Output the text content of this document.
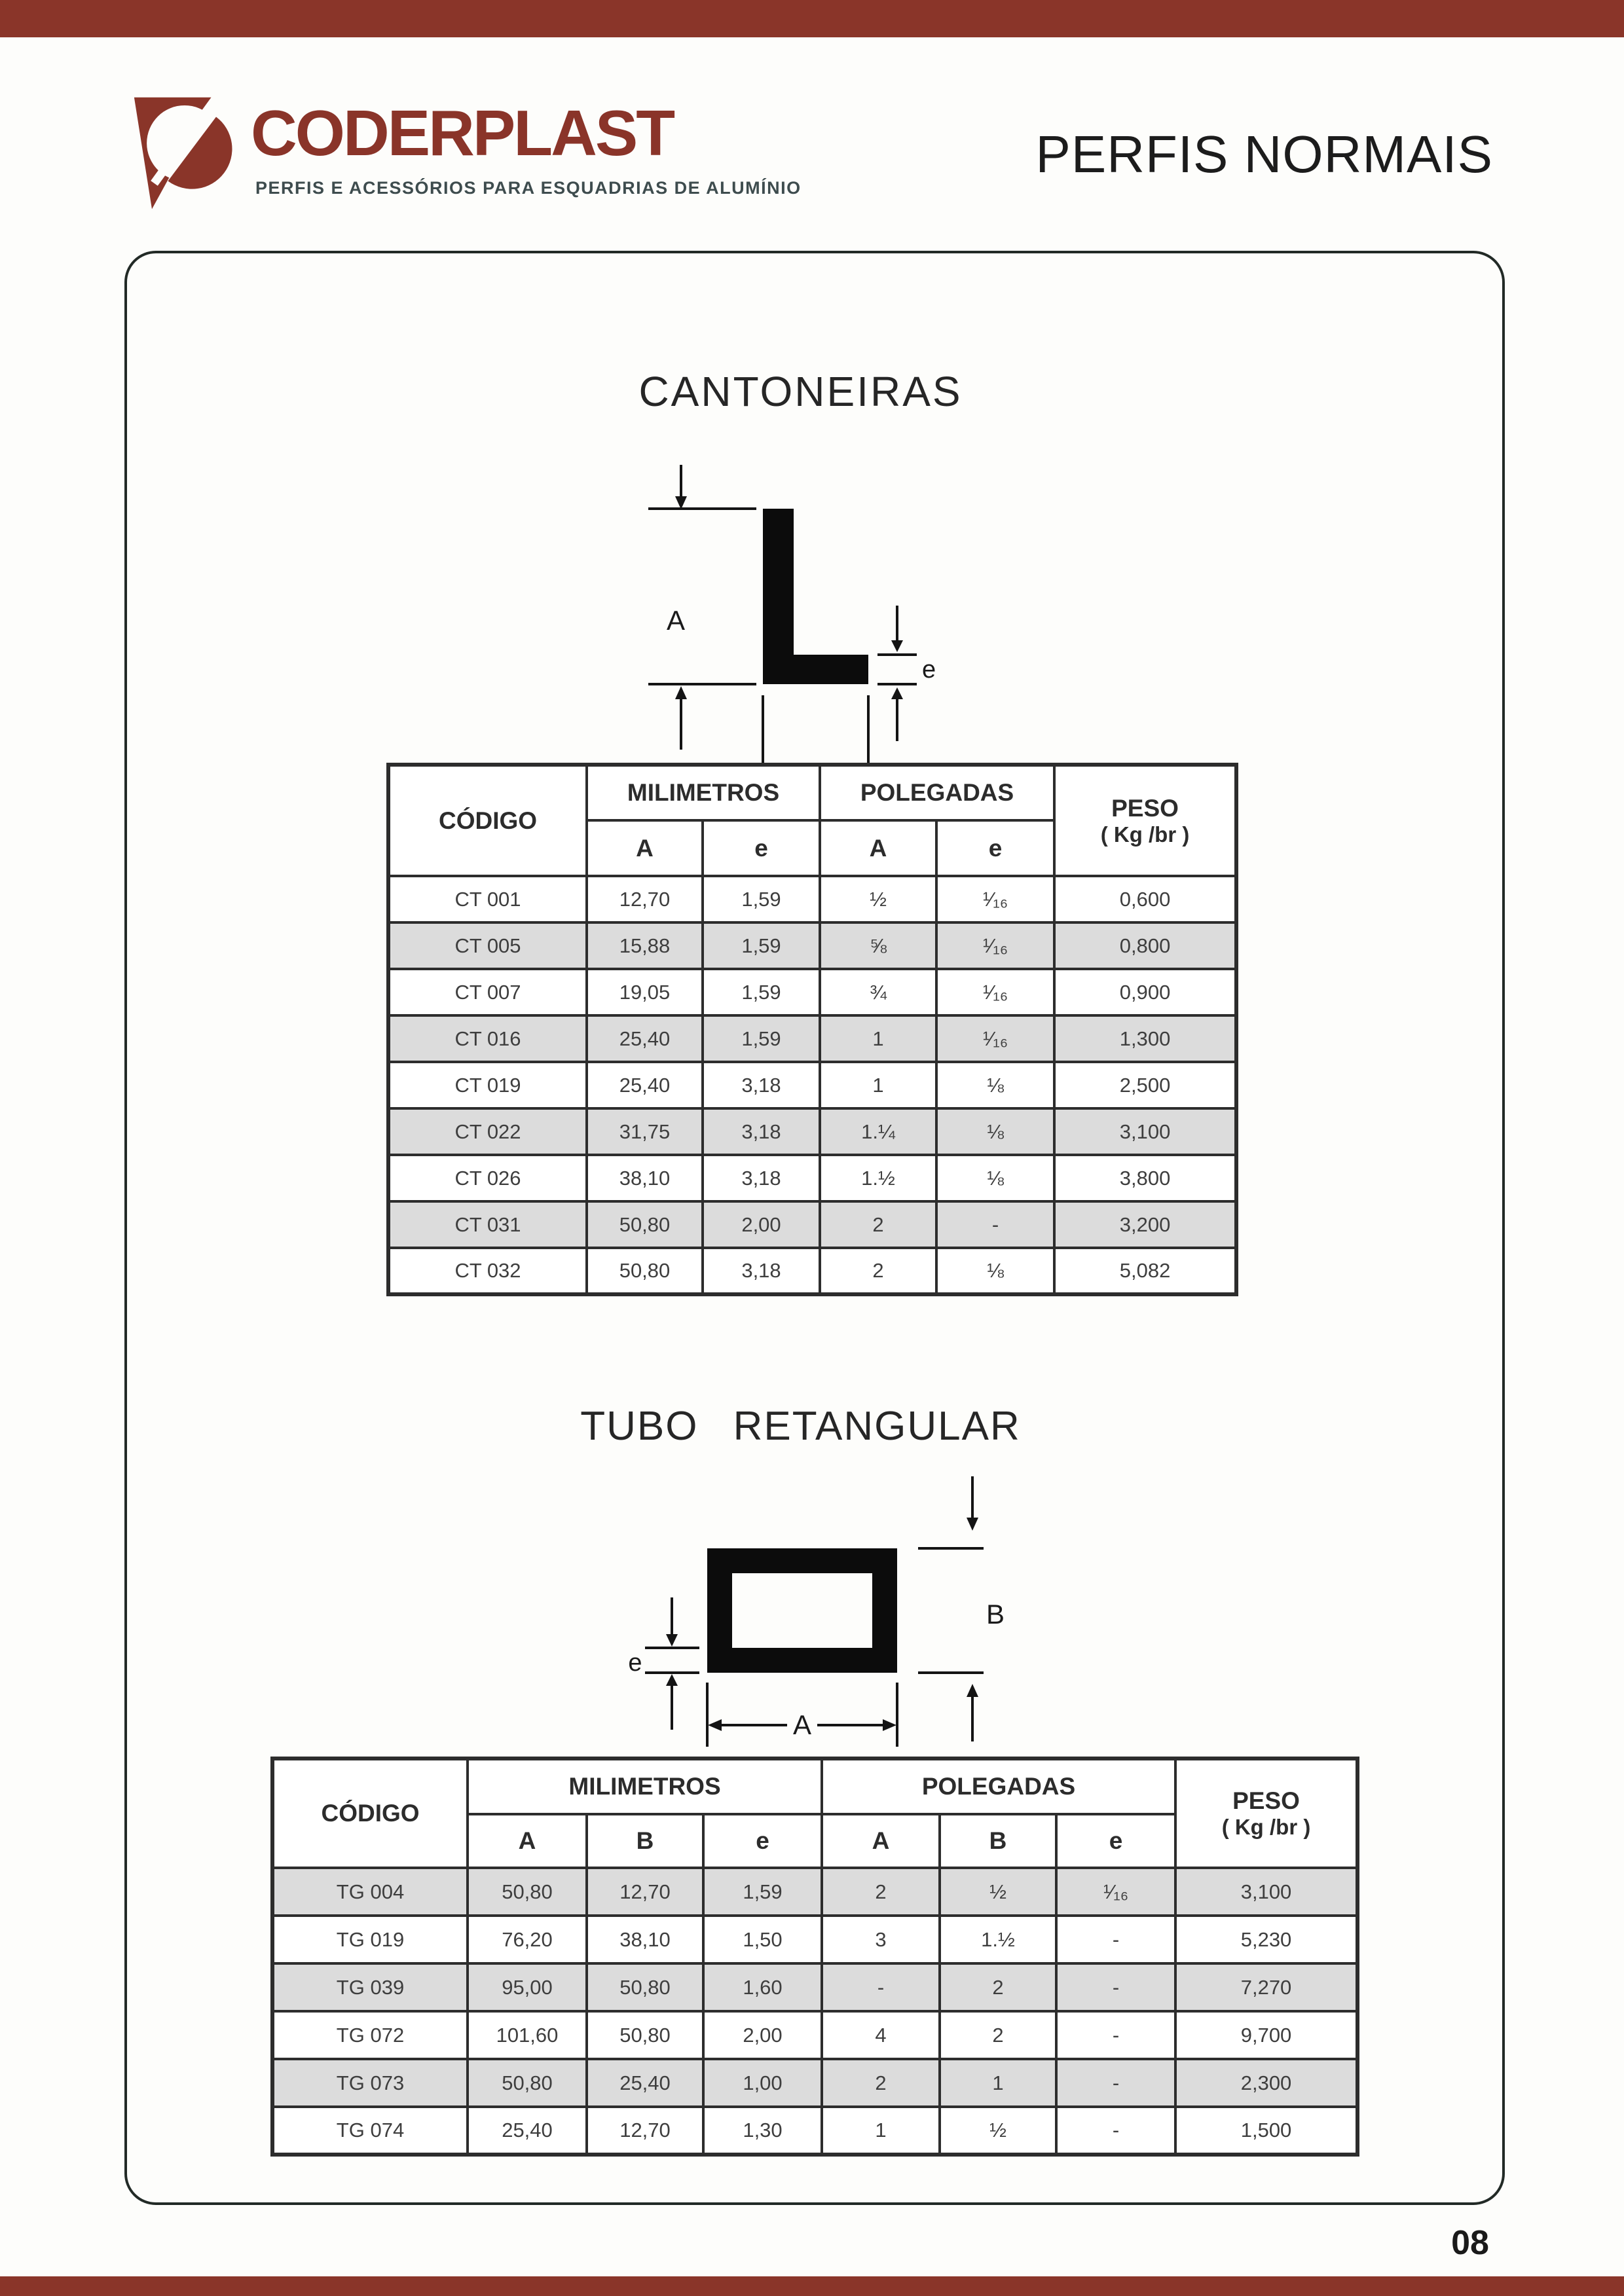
CODERPLAST
PERFIS E ACESSÓRIOS PARA ESQUADRIAS DE ALUMÍNIO
PERFIS NORMAIS
CANTONEIRAS
A
e
CÓDIGO	MILIMETROS		POLEGADAS		PESO
( Kg /br )

	A	e	A	e	
CT 001	12,70	1,59	½	¹⁄₁₆	0,600
CT 005	15,88	1,59	⅝	¹⁄₁₆	0,800
CT 007	19,05	1,59	¾	¹⁄₁₆	0,900
CT 016	25,40	1,59	1	¹⁄₁₆	1,300
CT 019	25,40	3,18	1	⅛	2,500
CT 022	31,75	3,18	1.¼	⅛	3,100
CT 026	38,10	3,18	1.½	⅛	3,800
CT 031	50,80	2,00	2	-	3,200
CT 032	50,80	3,18	2	⅛	5,082
TUBO RETANGULAR
B
A
e
CÓDIGO	MILIMETROS			POLEGADAS			PESO
( Kg /br )

	A	B	e	A	B	e	
TG 004	50,80	12,70	1,59	2	½	¹⁄₁₆	3,100
TG 019	76,20	38,10	1,50	3	1.½	-	5,230
TG 039	95,00	50,80	1,60	-	2	-	7,270
TG 072	101,60	50,80	2,00	4	2	-	9,700
TG 073	50,80	25,40	1,00	2	1	-	2,300
TG 074	25,40	12,70	1,30	1	½	-	1,500
08
